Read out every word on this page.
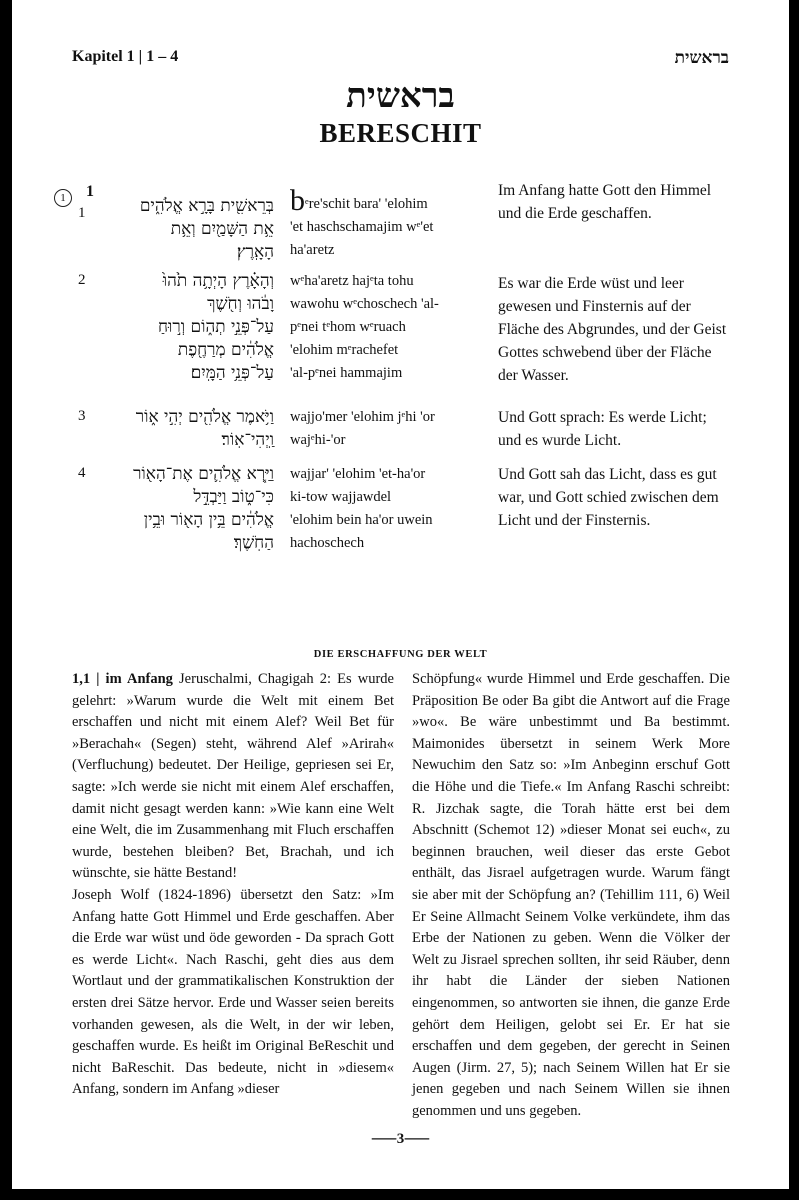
Kapitel 1 | 1 – 4	בראשית
בראשית
BERESCHIT
1	1
1	בְּרֵאשִׁ֖ית בָּרָ֣א אֱלֹהִ֑ים
אֵ֥ת הַשָּׁמַ֖יִם וְאֵ֥ת
הָאָֽרֶץ׃
bᵉre'schit bara' 'elohim
'et haschschamajim wᵉ'et
ha'aretz
Im Anfang hatte Gott den Himmel und die Erde geschaffen.
2	וְהָאָ֗רֶץ הָיְתָ֥ה תֹ֙הוּ֙
וָבֹ֔הוּ וְחֹ֖שֶׁךְ
עַל־פְּנֵ֣י תְה֑וֹם וְר֣וּחַ
אֱלֹהִ֔ים מְרַחֶ֖פֶת
עַל־פְּנֵ֥י הַמָּֽיִם׃
wᵉha'aretz hajᵉta tohu
wawohu wᵉchoschech 'al-
pᵉnei tᵉhom wᵉruach
'elohim mᵉrachefet
'al-pᵉnei hammajim
Es war die Erde wüst und leer gewesen und Finsternis auf der Fläche des Abgrundes, und der Geist Gottes schwebend über der Fläche der Wasser.
3	וַיֹּ֥אמֶר אֱלֹהִ֖ים יְהִ֣י א֑וֹר
וַֽיְהִי־אֽוֹר׃
wajjo'mer 'elohim jᵉhi 'or
wajᵉhi-'or
Und Gott sprach: Es werde Licht; und es wurde Licht.
4	וַיַּ֧רְא אֱלֹהִ֛ים אֶת־הָא֖וֹר
כִּי־ט֑וֹב וַיַּבְדֵּ֣ל
אֱלֹהִ֔ים בֵּ֥ין הָא֖וֹר וּבֵ֥ין
הַחֹֽשֶׁךְ׃
wajjar' 'elohim 'et-ha'or
ki-tow wajjawdel
'elohim bein ha'or uwein
hachoschech
Und Gott sah das Licht, dass es gut war, und Gott schied zwischen dem Licht und der Finsternis.
DIE ERSCHAFFUNG DER WELT

1,1 | im Anfang Jeruschalmi, Chagigah 2: Es wurde gelehrt: »Warum wurde die Welt mit einem Bet erschaffen und nicht mit einem Alef? Weil Bet für »Berachah« (Segen) steht, während Alef »Arirah« (Verfluchung) bedeutet. Der Heilige, gepriesen sei Er, sagte: »Ich werde sie nicht mit einem Alef erschaffen, damit nicht gesagt werden kann: »Wie kann eine Welt eine Welt, die im Zusammenhang mit Fluch erschaffen wurde, bestehen bleiben? Bet, Brachah, und ich wünschte, sie hätte Bestand!

Joseph Wolf (1824-1896) übersetzt den Satz: »Im Anfang hatte Gott Himmel und Erde geschaffen. Aber die Erde war wüst und öde geworden - Da sprach Gott es werde Licht«. Nach Raschi, geht dies aus dem Wortlaut und der grammatikalischen Konstruktion der ersten drei Sätze hervor. Erde und Wasser seien bereits vorhanden gewesen, als die Welt, in der wir leben, geschaffen wurde. Es heißt im Original BeReschit und nicht BaReschit. Das bedeute, nicht in »diesem« Anfang, sondern im Anfang »dieser

Schöpfung« wurde Himmel und Erde geschaffen. Die Präposition Be oder Ba gibt die Antwort auf die Frage »wo«. Be wäre unbestimmt und Ba bestimmt. Maimonides übersetzt in seinem Werk More Newuchim den Satz so: »Im Anbeginn erschuf Gott die Höhe und die Tiefe.« Im Anfang Raschi schreibt: R. Jizchak sagte, die Torah hätte erst bei dem Abschnitt (Schemot 12) »dieser Monat sei euch«, zu beginnen brauchen, weil dieser das erste Gebot enthält, das Jisrael aufgetragen wurde. Warum fängt sie aber mit der Schöpfung an? (Tehillim 111, 6) Weil Er Seine Allmacht Seinem Volke verkündete, ihm das Erbe der Nationen zu geben. Wenn die Völker der Welt zu Jisrael sprechen sollten, ihr seid Räuber, denn ihr habt die Länder der sieben Nationen eingenommen, so antworten sie ihnen, die ganze Erde gehört dem Heiligen, gelobt sei Er. Er hat sie erschaffen und dem gegeben, der gerecht in Seinen Augen (Jirm. 27, 5); nach Seinem Willen hat Er sie jenen gegeben und nach Seinem Willen sie ihnen genommen und uns gegeben.

⸺3⸺
